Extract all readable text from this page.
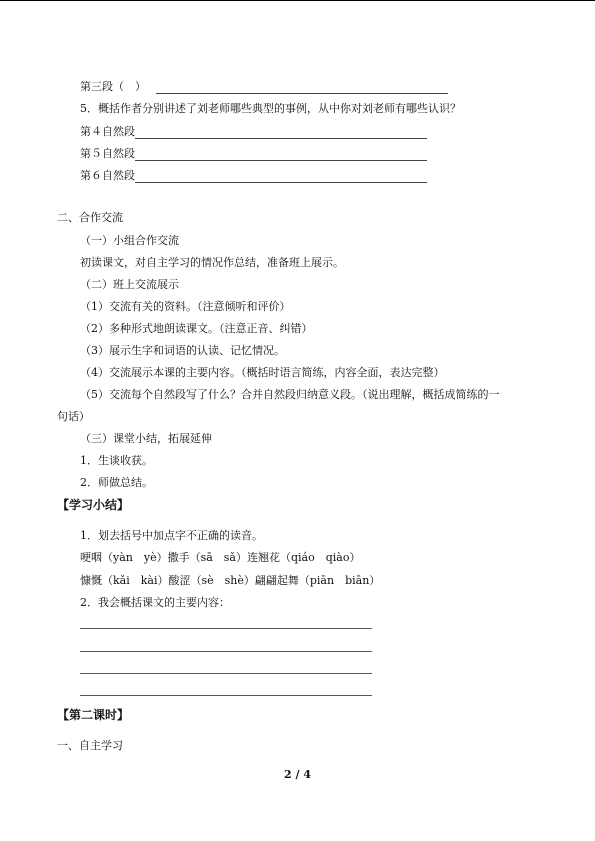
第三段（　）
5．概括作者分别讲述了刘老师哪些典型的事例，从中你对刘老师有哪些认识？
第４自然段
第５自然段
第６自然段
二、合作交流
（一）小组合作交流
初读课文，对自主学习的情况作总结，准备班上展示。
（二）班上交流展示
（1）交流有关的资料。（注意倾听和评价）
（2）多种形式地朗读课文。（注意正音、纠错）
（3）展示生字和词语的认读、记忆情况。
（4）交流展示本课的主要内容。（概括时语言简练，内容全面，表达完整）
（5）交流每个自然段写了什么？合并自然段归纳意义段。（说出理解，概括成简练的一
句话）
（三）课堂小结，拓展延伸
1．生谈收获。
2．师做总结。
【学习小结】
1．划去括号中加点字不正确的读音。
哽咽（yàn　yè）撒手（sā　sǎ）连翘花（qiáo　qiào）
慷慨（kǎi　kài）酸涩（sè　shè）翩翩起舞（piān　biān）
2．我会概括课文的主要内容：
【第二课时】
一、自主学习
2 / 4
